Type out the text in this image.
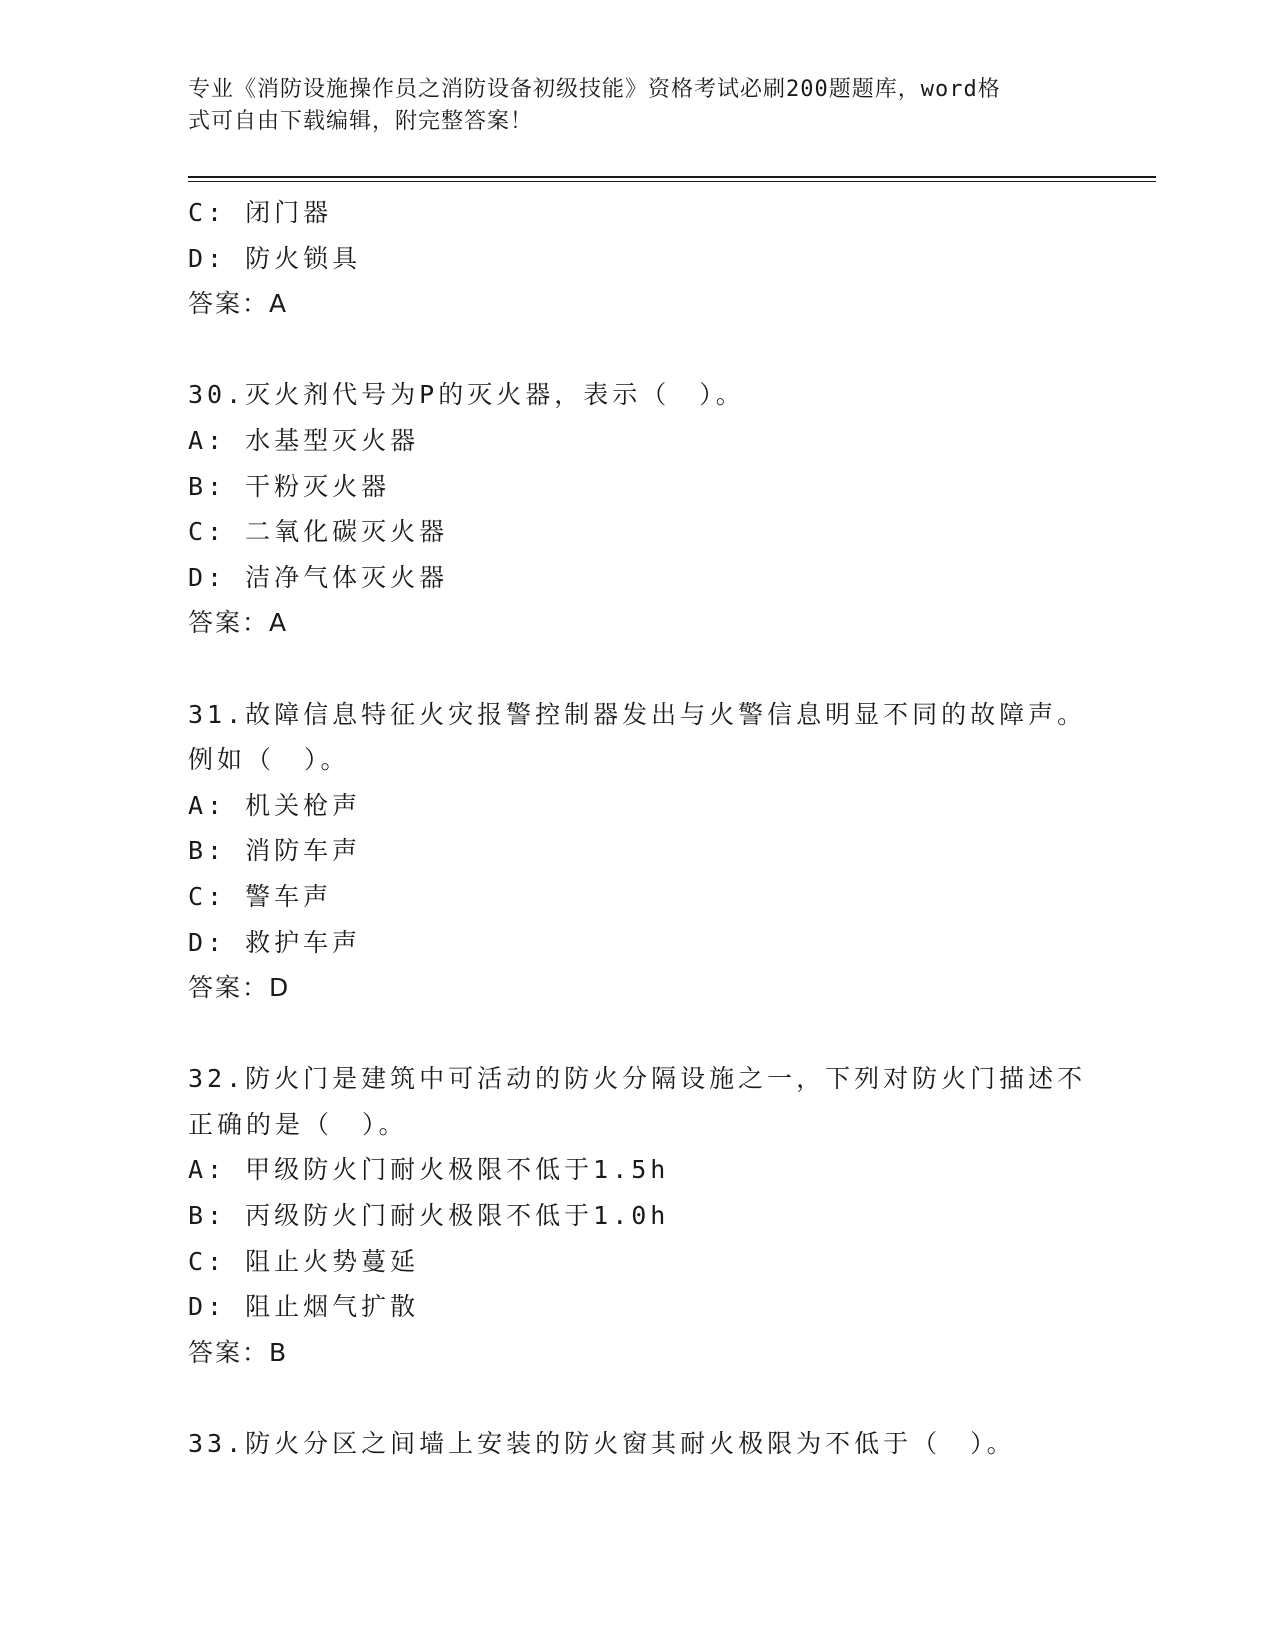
专业《消防设施操作员之消防设备初级技能》资格考试必刷200题题库，word格
式可自由下载编辑，附完整答案！
C: 闭门器
D: 防火锁具
答案：A
30.灭火剂代号为P的灭火器，表示（　）。
A: 水基型灭火器
B: 干粉灭火器
C: 二氧化碳灭火器
D: 洁净气体灭火器
答案：A
31.故障信息特征火灾报警控制器发出与火警信息明显不同的故障声。
例如（　）。
A: 机关枪声
B: 消防车声
C: 警车声
D: 救护车声
答案：D
32.防火门是建筑中可活动的防火分隔设施之一，下列对防火门描述不
正确的是（　）。
A: 甲级防火门耐火极限不低于1.5h
B: 丙级防火门耐火极限不低于1.0h
C: 阻止火势蔓延
D: 阻止烟气扩散
答案：B
33.防火分区之间墙上安装的防火窗其耐火极限为不低于（　）。
